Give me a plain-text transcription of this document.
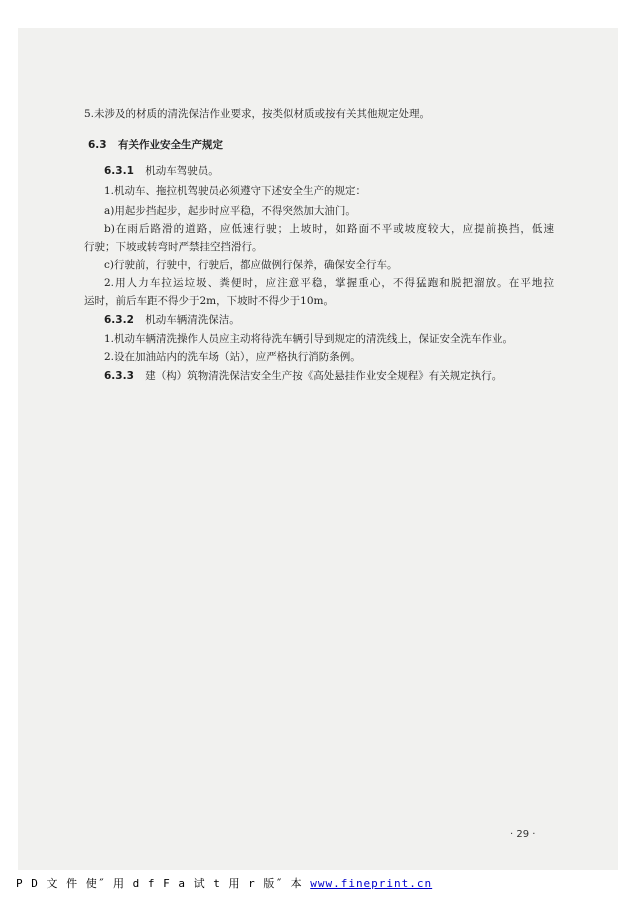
5.未涉及的材质的清洗保洁作业要求，按类似材质或按有关其他规定处理。
6.3 有关作业安全生产规定
6.3.1 机动车驾驶员。
1.机动车、拖拉机驾驶员必须遵守下述安全生产的规定：
a)用起步挡起步，起步时应平稳，不得突然加大油门。
b)在雨后路滑的道路，应低速行驶；上坡时，如路面不平或坡度较大，应提前换挡，低速
行驶；下坡或转弯时严禁挂空挡滑行。
c)行驶前，行驶中，行驶后，都应做例行保养，确保安全行车。
2.用人力车拉运垃圾、粪便时，应注意平稳，掌握重心，不得猛跑和脱把溜放。在平地拉
运时，前后车距不得少于2m，下坡时不得少于10m。
6.3.2 机动车辆清洗保洁。
1.机动车辆清洗操作人员应主动将待洗车辆引导到规定的清洗线上，保证安全洗车作业。
2.设在加油站内的洗车场（站），应严格执行消防条例。
6.3.3 建（构）筑物清洗保洁安全生产按《高处悬挂作业安全规程》有关规定执行。
· 29 ·
P D 文 件 使˝ 用 d f F a 试 t 用 r 版˝ 本 www.fineprint.cn
